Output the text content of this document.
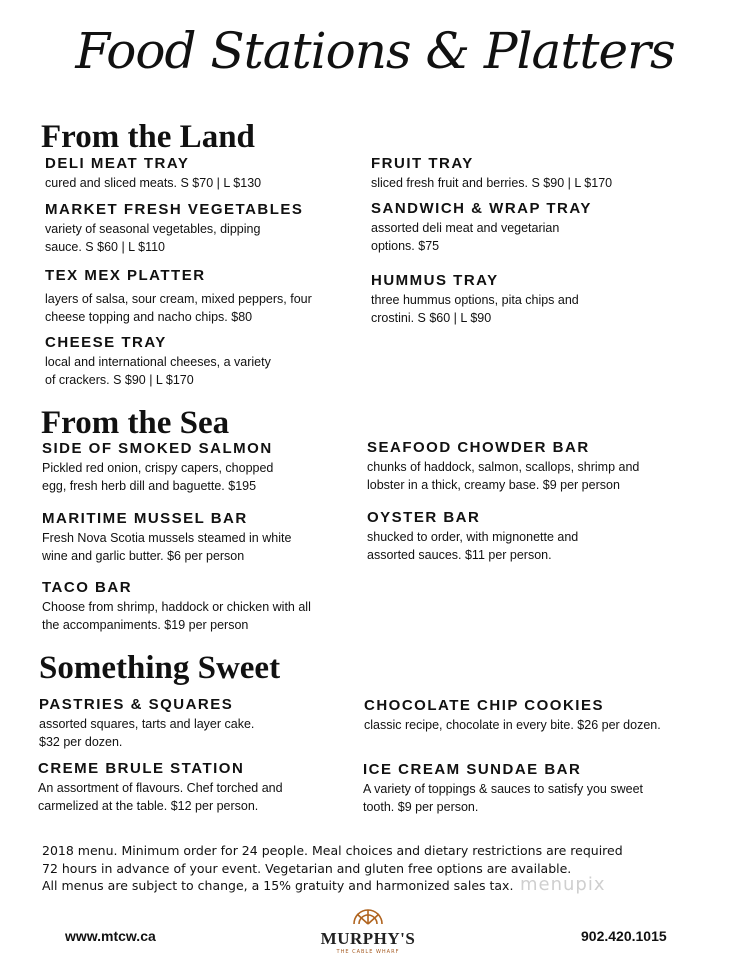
Food Stations & Platters
From the Land
DELI MEAT TRAY
cured and sliced meats. S $70 | L $130
MARKET FRESH VEGETABLES
variety of seasonal vegetables, dipping
sauce. S $60 | L $110
TEX MEX PLATTER
layers of salsa, sour cream, mixed peppers, four
cheese topping and nacho chips. $80
CHEESE TRAY
local and international cheeses, a variety
of crackers. S $90 | L $170
FRUIT TRAY
sliced fresh fruit and berries. S $90 | L $170
SANDWICH & WRAP TRAY
assorted deli meat and vegetarian
options. $75
HUMMUS TRAY
three hummus options, pita chips and
crostini. S $60 | L $90
From the Sea
SIDE OF SMOKED SALMON
Pickled red onion, crispy capers, chopped
egg, fresh herb dill and baguette. $195
MARITIME MUSSEL BAR
Fresh Nova Scotia mussels steamed in white
wine and garlic butter. $6 per person
TACO BAR
Choose from shrimp, haddock or chicken with all
the accompaniments. $19 per person
SEAFOOD CHOWDER BAR
chunks of haddock, salmon, scallops, shrimp and
lobster in a thick, creamy base. $9 per person
OYSTER BAR
shucked to order, with mignonette and
assorted sauces. $11 per person.
Something Sweet
PASTRIES & SQUARES
assorted squares, tarts and layer cake.
$32 per dozen.
CREME BRULE STATION
An assortment of flavours. Chef torched and
carmelized at the table. $12 per person.
CHOCOLATE CHIP COOKIES
classic recipe, chocolate in every bite. $26 per dozen.
ICE CREAM SUNDAE BAR
A variety of toppings & sauces to satisfy you sweet
tooth. $9 per person.
2018 menu. Minimum order for 24 people. Meal choices and dietary restrictions are required
72 hours in advance of your event. Vegetarian and gluten free options are available.
All menus are subject to change, a 15% gratuity and harmonized sales tax. menupix
www.mtcw.ca	MURPHY'S
THE CABLE WHARF
902.420.1015
